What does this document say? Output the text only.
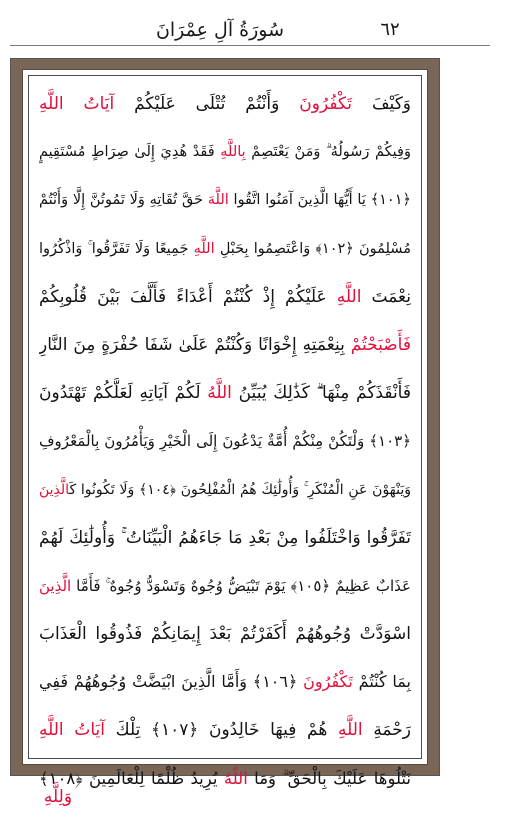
سُورَةُ آلِ عِمْرَانَ	٦٢
وَكَيْفَ تَكْفُرُونَ وَأَنْتُمْ تُتْلَى عَلَيْكُمْ آيَاتُ اللَّهِ
وَفِيكُمْ رَسُولُهُ ۗ وَمَنْ يَعْتَصِمْ بِاللَّهِ فَقَدْ هُدِيَ إِلَىٰ صِرَاطٍ مُسْتَقِيمٍ
﴿١٠١﴾ يَا أَيُّهَا الَّذِينَ آمَنُوا اتَّقُوا اللَّهَ حَقَّ تُقَاتِهِ وَلَا تَمُوتُنَّ إِلَّا وَأَنْتُمْ
مُسْلِمُونَ ﴿١٠٢﴾ وَاعْتَصِمُوا بِحَبْلِ اللَّهِ جَمِيعًا وَلَا تَفَرَّقُوا ۚ وَاذْكُرُوا
نِعْمَتَ اللَّهِ عَلَيْكُمْ إِذْ كُنْتُمْ أَعْدَاءً فَأَلَّفَ بَيْنَ قُلُوبِكُمْ
فَأَصْبَحْتُمْ بِنِعْمَتِهِ إِخْوَانًا وَكُنْتُمْ عَلَىٰ شَفَا حُفْرَةٍ مِنَ النَّارِ
فَأَنْقَذَكُمْ مِنْهَا ۗ كَذَٰلِكَ يُبَيِّنُ اللَّهُ لَكُمْ آيَاتِهِ لَعَلَّكُمْ تَهْتَدُونَ
﴿١٠٣﴾ وَلْتَكُنْ مِنْكُمْ أُمَّةٌ يَدْعُونَ إِلَى الْخَيْرِ وَيَأْمُرُونَ بِالْمَعْرُوفِ
وَيَنْهَوْنَ عَنِ الْمُنْكَرِ ۚ وَأُولَٰئِكَ هُمُ الْمُفْلِحُونَ ﴿١٠٤﴾ وَلَا تَكُونُوا كَالَّذِينَ
تَفَرَّقُوا وَاخْتَلَفُوا مِنْ بَعْدِ مَا جَاءَهُمُ الْبَيِّنَاتُ ۚ وَأُولَٰئِكَ لَهُمْ
عَذَابٌ عَظِيمٌ ﴿١٠٥﴾ يَوْمَ تَبْيَضُّ وُجُوهٌ وَتَسْوَدُّ وُجُوهٌ ۚ فَأَمَّا الَّذِينَ
اسْوَدَّتْ وُجُوهُهُمْ أَكَفَرْتُمْ بَعْدَ إِيمَانِكُمْ فَذُوقُوا الْعَذَابَ
بِمَا كُنْتُمْ تَكْفُرُونَ ﴿١٠٦﴾ وَأَمَّا الَّذِينَ ابْيَضَّتْ وُجُوهُهُمْ فَفِي
رَحْمَةِ اللَّهِ هُمْ فِيهَا خَالِدُونَ ﴿١٠٧﴾ تِلْكَ آيَاتُ اللَّهِ
نَتْلُوهَا عَلَيْكَ بِالْحَقِّ ۗ وَمَا اللَّهُ يُرِيدُ ظُلْمًا لِلْعَالَمِينَ ﴿١٠٨﴾
وَلِلَّهِ
